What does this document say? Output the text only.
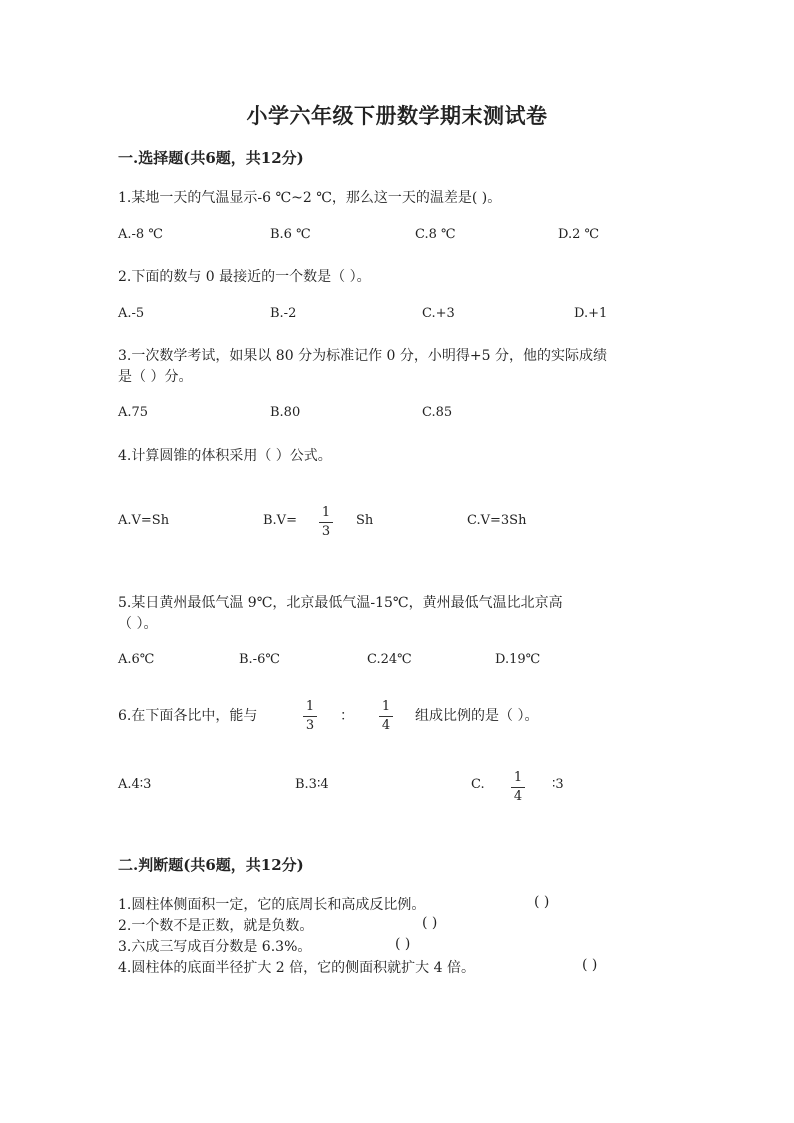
小学六年级下册数学期末测试卷
一.选择题(共6题，共12分)
1.某地一天的气温显示-6 ℃~2 ℃，那么这一天的温差是( )。
A.-8 ℃	B.6 ℃	C.8 ℃	D.2 ℃
2.下面的数与 0 最接近的一个数是（ ）。
A.-5	B.-2	C.+3	D.+1
3.一次数学考试，如果以 80 分为标准记作 0 分，小明得+5 分，他的实际成绩
是（ ）分。
A.75	B.80	C.85
4.计算圆锥的体积采用（ ）公式。
A.V=Sh	B.V=
1
3
Sh	C.V=3Sh
5.某日黄州最低气温 9℃，北京最低气温-15℃，黄州最低气温比北京高
（ ）。
A.6℃	B.-6℃	C.24℃	D.19℃
6.在下面各比中，能与
1
3
：
1
4
组成比例的是（ ）。
A.4∶3	B.3∶4	C.	1
4
∶3
二.判断题(共6题，共12分)
1.圆柱体侧面积一定，它的底周长和高成反比例。	( )
2.一个数不是正数，就是负数。	( )
3.六成三写成百分数是 6.3%。	( )
4.圆柱体的底面半径扩大 2 倍，它的侧面积就扩大 4 倍。	( )
